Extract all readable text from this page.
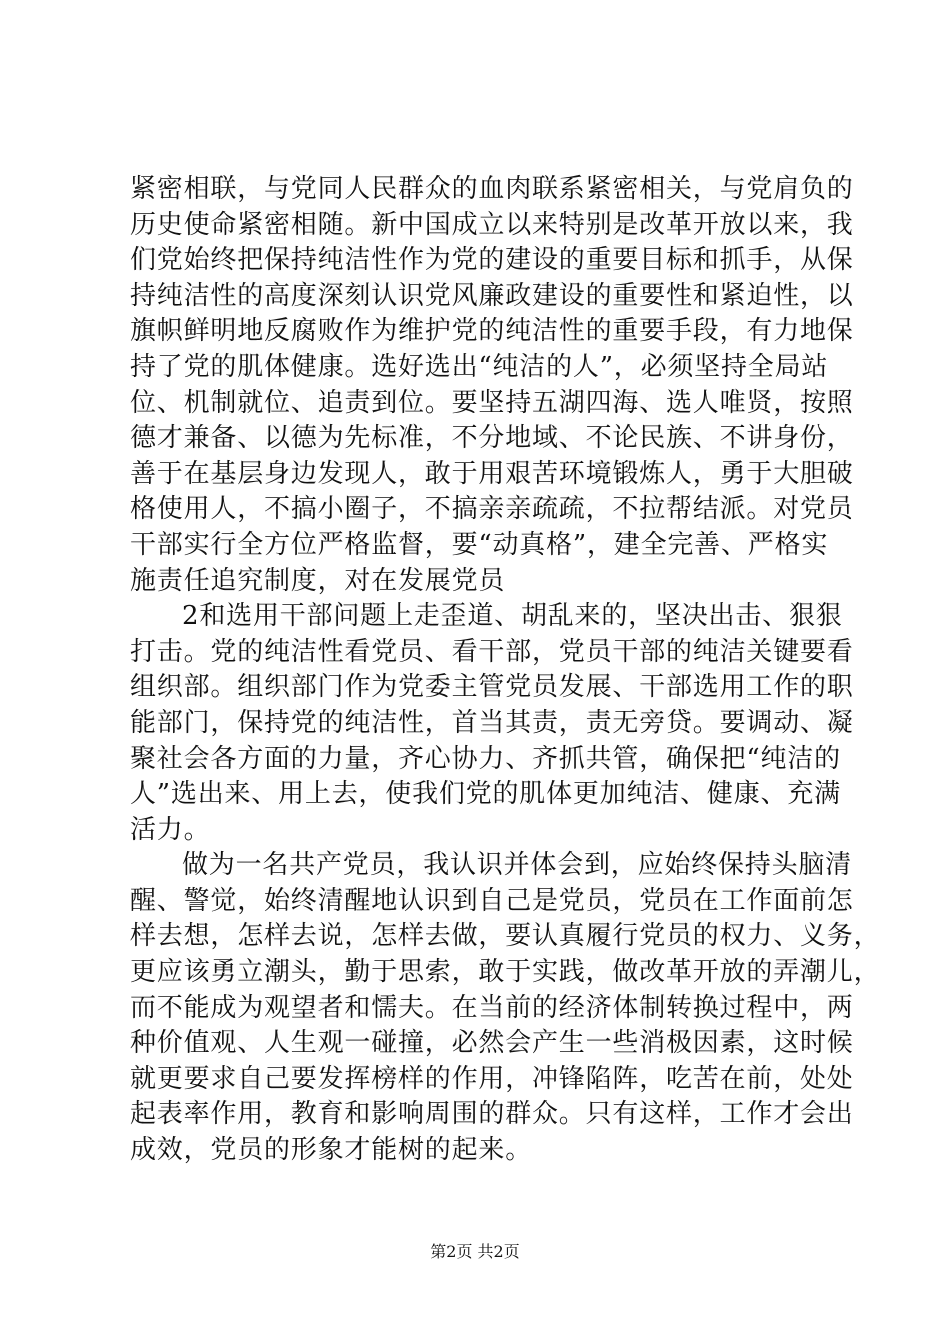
紧密相联，与党同人民群众的血肉联系紧密相关，与党肩负的
历史使命紧密相随。新中国成立以来特别是改革开放以来，我
们党始终把保持纯洁性作为党的建设的重要目标和抓手，从保
持纯洁性的高度深刻认识党风廉政建设的重要性和紧迫性，以
旗帜鲜明地反腐败作为维护党的纯洁性的重要手段，有力地保
持了党的肌体健康。选好选出“纯洁的人”，必须坚持全局站
位、机制就位、追责到位。要坚持五湖四海、选人唯贤，按照
德才兼备、以德为先标准，不分地域、不论民族、不讲身份，
善于在基层身边发现人，敢于用艰苦环境锻炼人，勇于大胆破
格使用人，不搞小圈子，不搞亲亲疏疏，不拉帮结派。对党员
干部实行全方位严格监督，要“动真格”，建全完善、严格实
施责任追究制度，对在发展党员
2和选用干部问题上走歪道、胡乱来的，坚决出击、狠狠
打击。党的纯洁性看党员、看干部，党员干部的纯洁关键要看
组织部。组织部门作为党委主管党员发展、干部选用工作的职
能部门，保持党的纯洁性，首当其责，责无旁贷。要调动、凝
聚社会各方面的力量，齐心协力、齐抓共管，确保把“纯洁的
人”选出来、用上去，使我们党的肌体更加纯洁、健康、充满
活力。
做为一名共产党员，我认识并体会到，应始终保持头脑清
醒、警觉，始终清醒地认识到自己是党员，党员在工作面前怎
样去想，怎样去说，怎样去做，要认真履行党员的权力、义务，
更应该勇立潮头，勤于思索，敢于实践，做改革开放的弄潮儿，
而不能成为观望者和懦夫。在当前的经济体制转换过程中，两
种价值观、人生观一碰撞，必然会产生一些消极因素，这时候
就更要求自己要发挥榜样的作用，冲锋陷阵，吃苦在前，处处
起表率作用，教育和影响周围的群众。只有这样，工作才会出
成效，党员的形象才能树的起来。
第2页 共2页
